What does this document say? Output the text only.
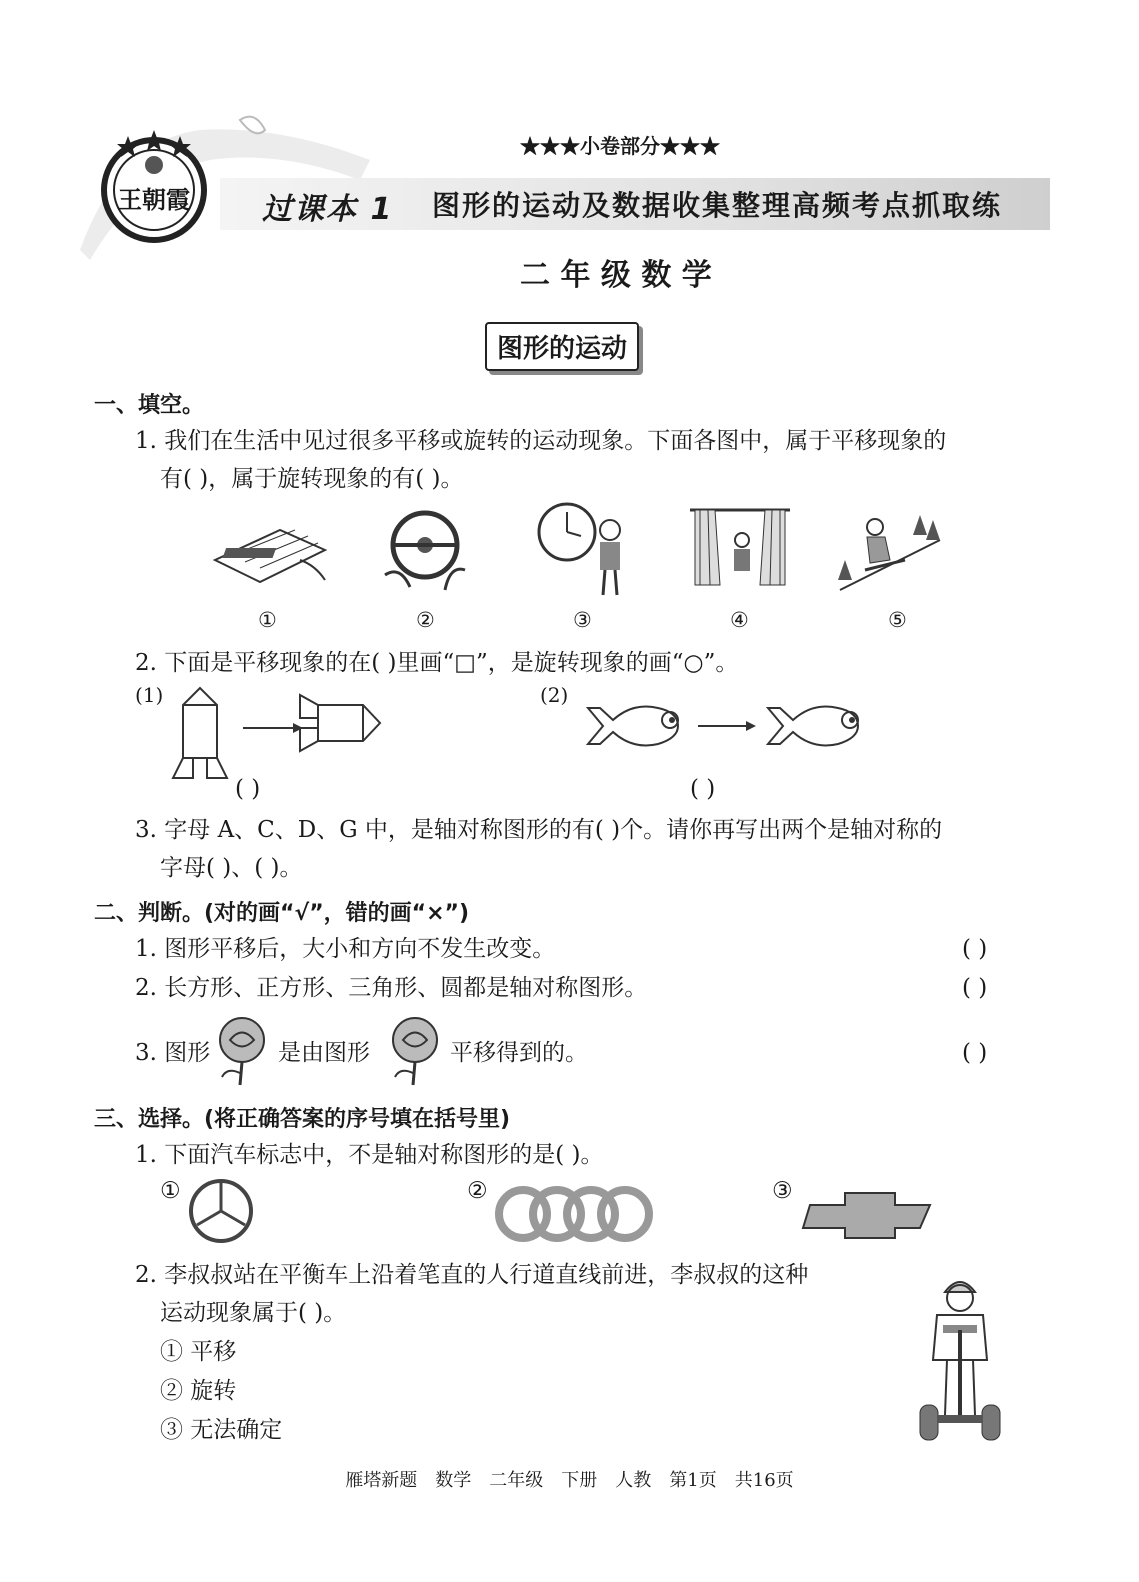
王朝霞
★★★小卷部分★★★
过课本 1 图形的运动及数据收集整理高频考点抓取练
二 年 级 数 学
图形的运动
一、填空。
1. 我们在生活中见过很多平移或旋转的运动现象。下面各图中，属于平移现象的
有( )，属于旋转现象的有( )。
①	②	③	④	⑤
2. 下面是平移现象的在( )里画“□”，是旋转现象的画“○”。
(1)	(2)
( )	( )
3. 字母 A、C、D、G 中，是轴对称图形的有( )个。请你再写出两个是轴对称的
字母( )、( )。
二、判断。(对的画“√”，错的画“×”)
1. 图形平移后，大小和方向不发生改变。	( )
2. 长方形、正方形、三角形、圆都是轴对称图形。	( )
3. 图形	是由图形	平移得到的。	( )
三、选择。(将正确答案的序号填在括号里)
1. 下面汽车标志中，不是轴对称图形的是( )。
①	②	③
2. 李叔叔站在平衡车上沿着笔直的人行道直线前进，李叔叔的这种
运动现象属于( )。
① 平移
② 旋转
③ 无法确定
雁塔新题　数学　二年级　下册　人教　第1页　共16页
